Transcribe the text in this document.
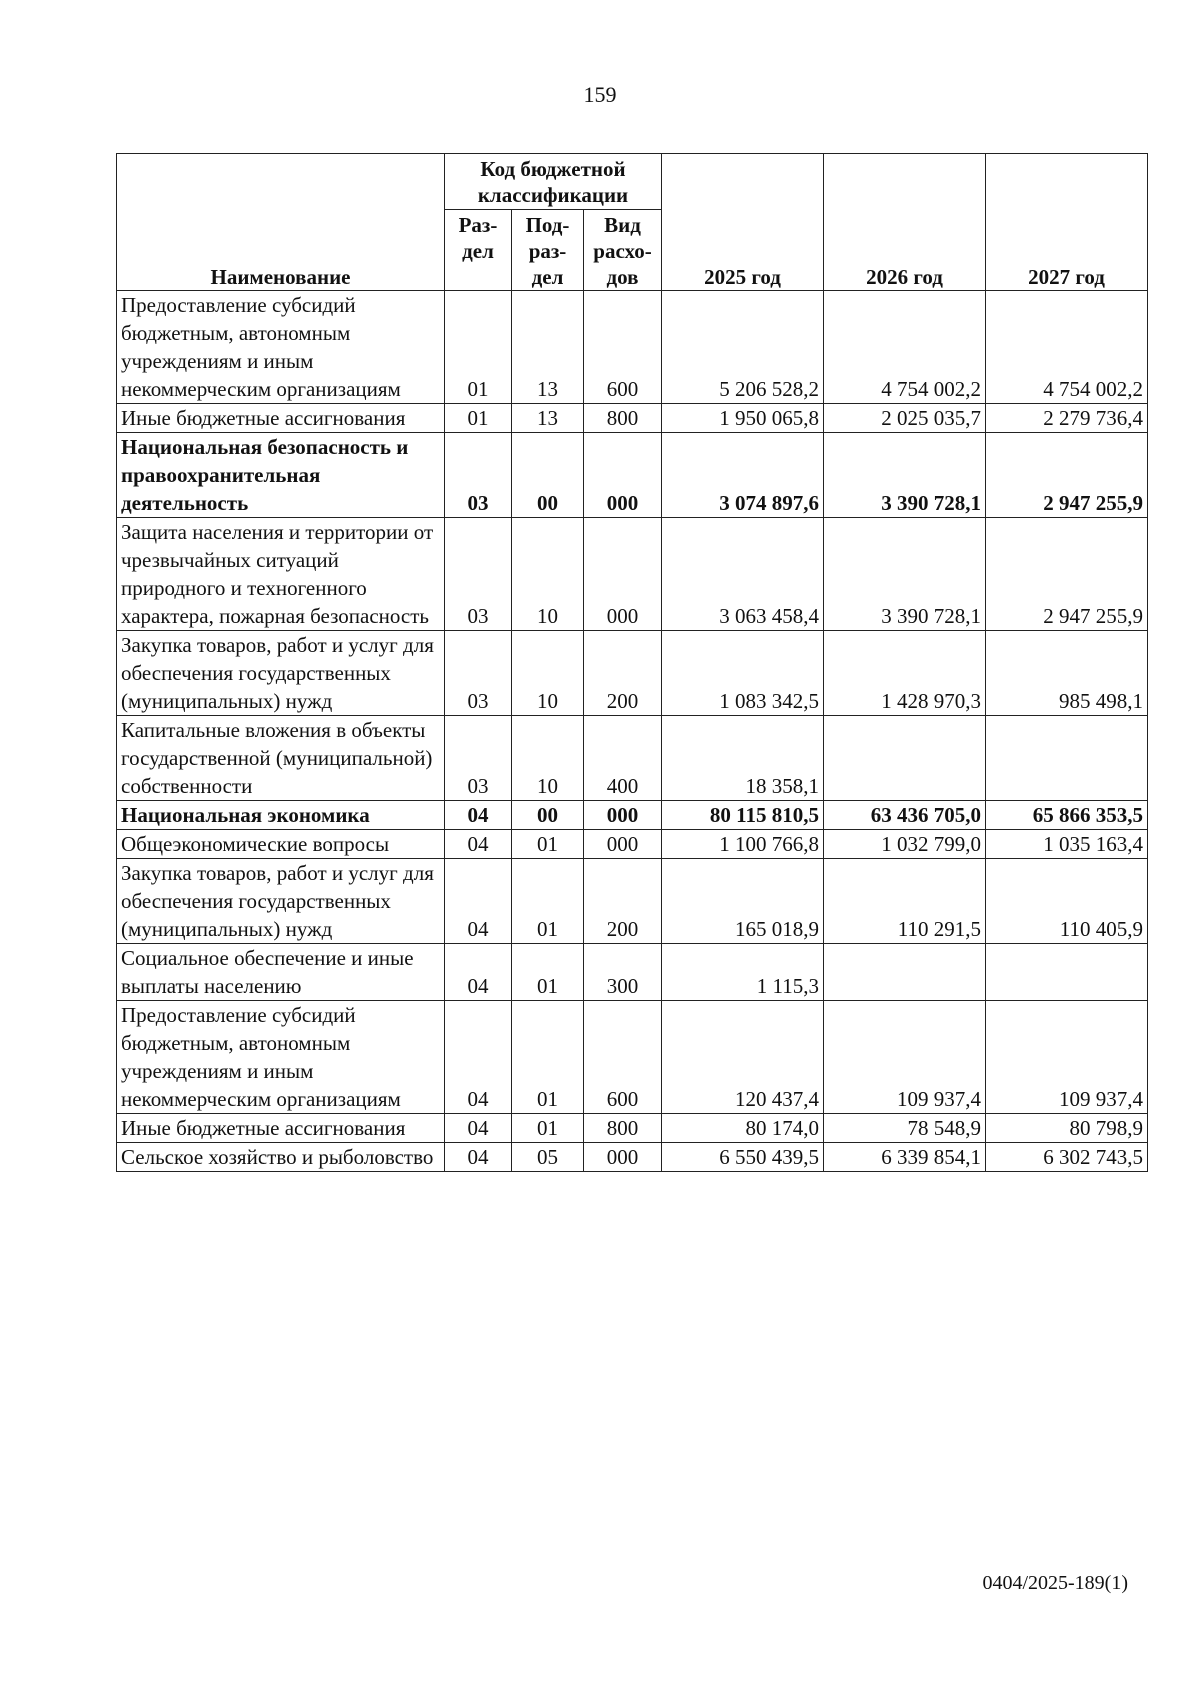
159
Наименование	Код бюджетной классификации			2025 год	2026 год	2027 год
	Раз-дел	Под-раз-дел	Вид расхо-дов			
Предоставление субсидий бюджетным, автономным учреждениям и иным некоммерческим организациям	01	13	600	5 206 528,2	4 754 002,2	4 754 002,2
Иные бюджетные ассигнования	01	13	800	1 950 065,8	2 025 035,7	2 279 736,4
Национальная безопасность и правоохранительная деятельность	03	00	000	3 074 897,6	3 390 728,1	2 947 255,9
Защита населения и территории от чрезвычайных ситуаций природного и техногенного характера, пожарная безопасность	03	10	000	3 063 458,4	3 390 728,1	2 947 255,9
Закупка товаров, работ и услуг для обеспечения государственных (муниципальных) нужд	03	10	200	1 083 342,5	1 428 970,3	985 498,1
Капитальные вложения в объекты государственной (муниципальной) собственности	03	10	400	18 358,1		
Национальная экономика	04	00	000	80 115 810,5	63 436 705,0	65 866 353,5
Общеэкономические вопросы	04	01	000	1 100 766,8	1 032 799,0	1 035 163,4
Закупка товаров, работ и услуг для обеспечения государственных (муниципальных) нужд	04	01	200	165 018,9	110 291,5	110 405,9
Социальное обеспечение и иные выплаты населению	04	01	300	1 115,3		
Предоставление субсидий бюджетным, автономным учреждениям и иным некоммерческим организациям	04	01	600	120 437,4	109 937,4	109 937,4
Иные бюджетные ассигнования	04	01	800	80 174,0	78 548,9	80 798,9
Сельское хозяйство и рыболовство	04	05	000	6 550 439,5	6 339 854,1	6 302 743,5
0404/2025-189(1)
